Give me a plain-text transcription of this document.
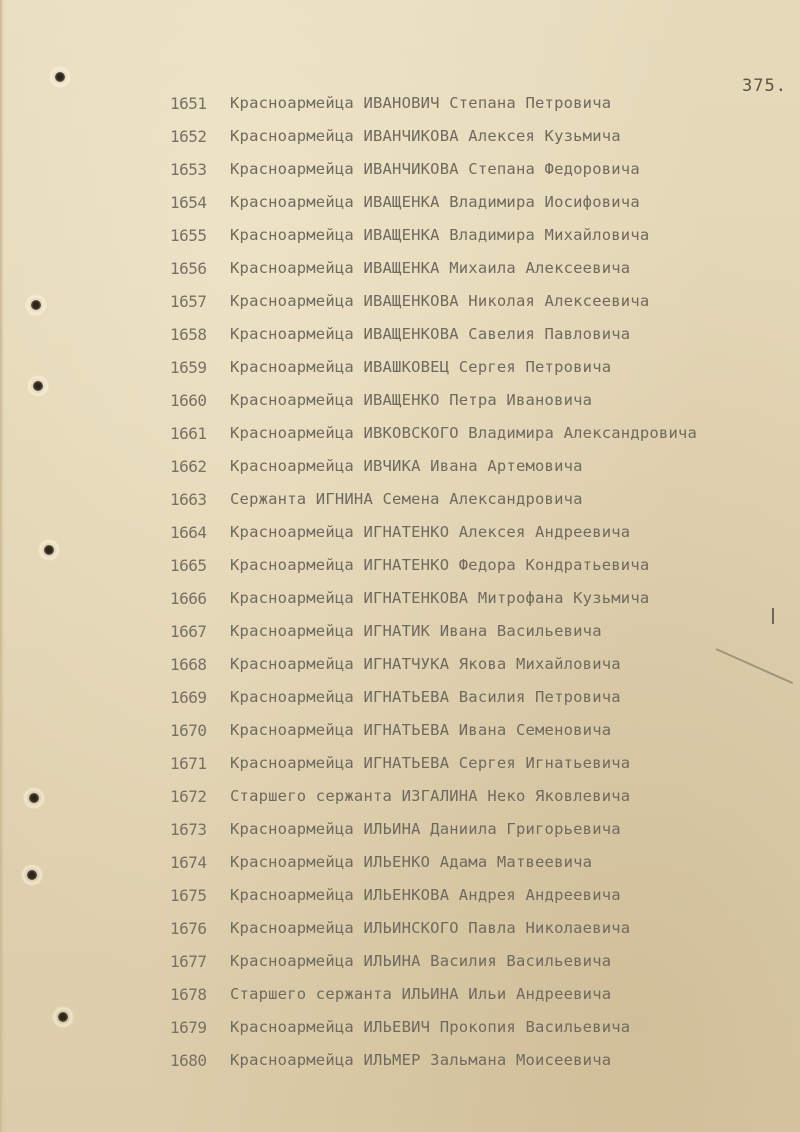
375.
1651	Красноармейца ИВАНОВИЧ Степана Петровича
1652	Красноармейца ИВАНЧИКОВА Алексея Кузьмича
1653	Красноармейца ИВАНЧИКОВА Степана Федоровича
1654	Красноармейца ИВАЩЕНКА Владимира Иосифовича
1655	Красноармейца ИВАЩЕНКА Владимира Михайловича
1656	Красноармейца ИВАЩЕНКА Михаила Алексеевича
1657	Красноармейца ИВАЩЕНКОВА Николая Алексеевича
1658	Красноармейца ИВАЩЕНКОВА Савелия Павловича
1659	Красноармейца ИВАШКОВЕЦ Сергея Петровича
1660	Красноармейца ИВАЩЕНКО Петра Ивановича
1661	Красноармейца ИВКОВСКОГО Владимира Александровича
1662	Красноармейца ИВЧИКА Ивана Артемовича
1663	Сержанта ИГНИНА Семена Александровича
1664	Красноармейца ИГНАТЕНКО Алексея Андреевича
1665	Красноармейца ИГНАТЕНКО Федора Кондратьевича
1666	Красноармейца ИГНАТЕНКОВА Митрофана Кузьмича
1667	Красноармейца ИГНАТИК Ивана Васильевича
1668	Красноармейца ИГНАТЧУКА Якова Михайловича
1669	Красноармейца ИГНАТЬЕВА Василия Петровича
1670	Красноармейца ИГНАТЬЕВА Ивана Семеновича
1671	Красноармейца ИГНАТЬЕВА Сергея Игнатьевича
1672	Старшего сержанта ИЗГАЛИНА Неко Яковлевича
1673	Красноармейца ИЛЬИНА Даниила Григорьевича
1674	Красноармейца ИЛЬЕНКО Адама Матвеевича
1675	Красноармейца ИЛЬЕНКОВА Андрея Андреевича
1676	Красноармейца ИЛЬИНСКОГО Павла Николаевича
1677	Красноармейца ИЛЬИНА Василия Васильевича
1678	Старшего сержанта ИЛЬИНА Ильи Андреевича
1679	Красноармейца ИЛЬЕВИЧ Прокопия Васильевича
1680	Красноармейца ИЛЬМЕР Зальмана Моисеевича
